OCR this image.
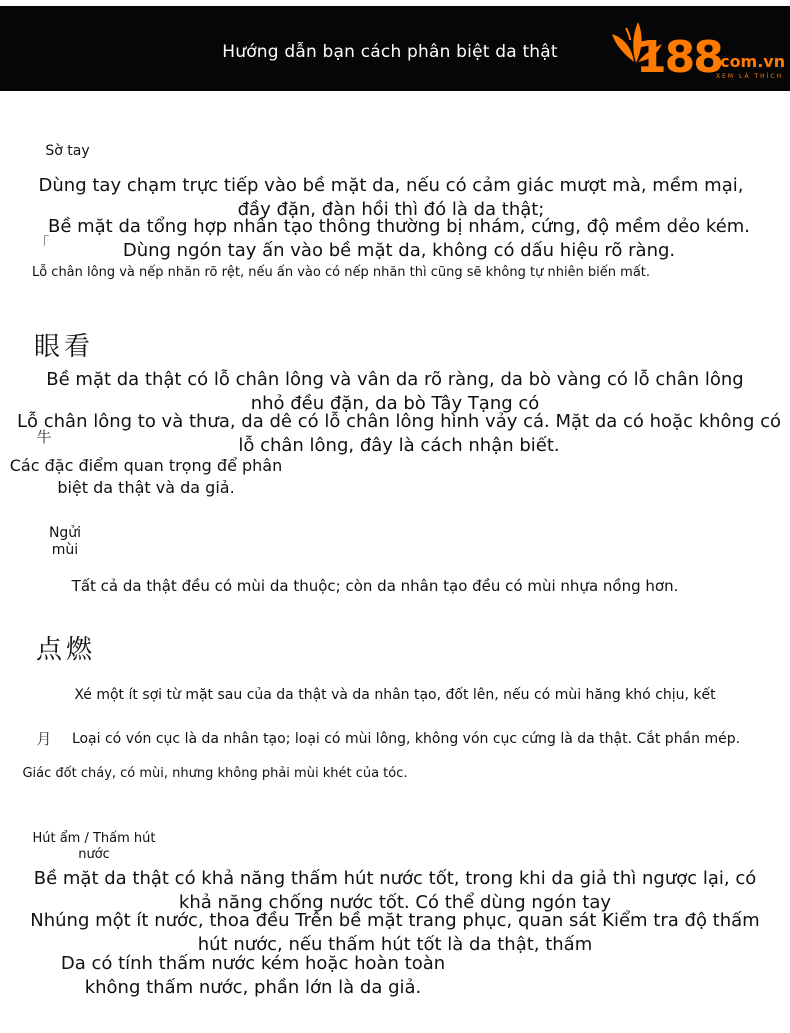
Hướng dẫn bạn cách phân biệt da thật	188
.com.vn
XEM LÀ THÍCH
Sờ tay
Dùng tay chạm trực tiếp vào bề mặt da, nếu có cảm giác mượt mà, mềm mại, đầy đặn, đàn hồi thì đó là da thật;
Bề mặt da tổng hợp nhân tạo thông thường bị nhám, cứng, độ mềm dẻo kém. Dùng ngón tay ấn vào bề mặt da, không có dấu hiệu rõ ràng.
「
Lỗ chân lông và nếp nhăn rõ rệt, nếu ấn vào có nếp nhăn thì cũng sẽ không tự nhiên biến mất.
眼看
Bề mặt da thật có lỗ chân lông và vân da rõ ràng, da bò vàng có lỗ chân lông nhỏ đều đặn, da bò Tây Tạng có
Lỗ chân lông to và thưa, da dê có lỗ chân lông hình vảy cá. Mặt da có hoặc không có lỗ chân lông, đây là cách nhận biết.
牛
Các đặc điểm quan trọng để phân biệt da thật và da giả.
Ngửi mùi
Tất cả da thật đều có mùi da thuộc; còn da nhân tạo đều có mùi nhựa nồng hơn.
点燃
Xé một ít sợi từ mặt sau của da thật và da nhân tạo, đốt lên, nếu có mùi hăng khó chịu, kết
月	Loại có vón cục là da nhân tạo; loại có mùi lông, không vón cục cứng là da thật. Cắt phần mép.
Giác đốt cháy, có mùi, nhưng không phải mùi khét của tóc.
Hút ẩm / Thấm hút nước
Bề mặt da thật có khả năng thấm hút nước tốt, trong khi da giả thì ngược lại, có khả năng chống nước tốt. Có thể dùng ngón tay
Nhúng một ít nước, thoa đều Trên bề mặt trang phục, quan sát Kiểm tra độ thấm hút nước, nếu thấm hút tốt là da thật, thấm
Da có tính thấm nước kém hoặc hoàn toàn không thấm nước, phần lớn là da giả.
